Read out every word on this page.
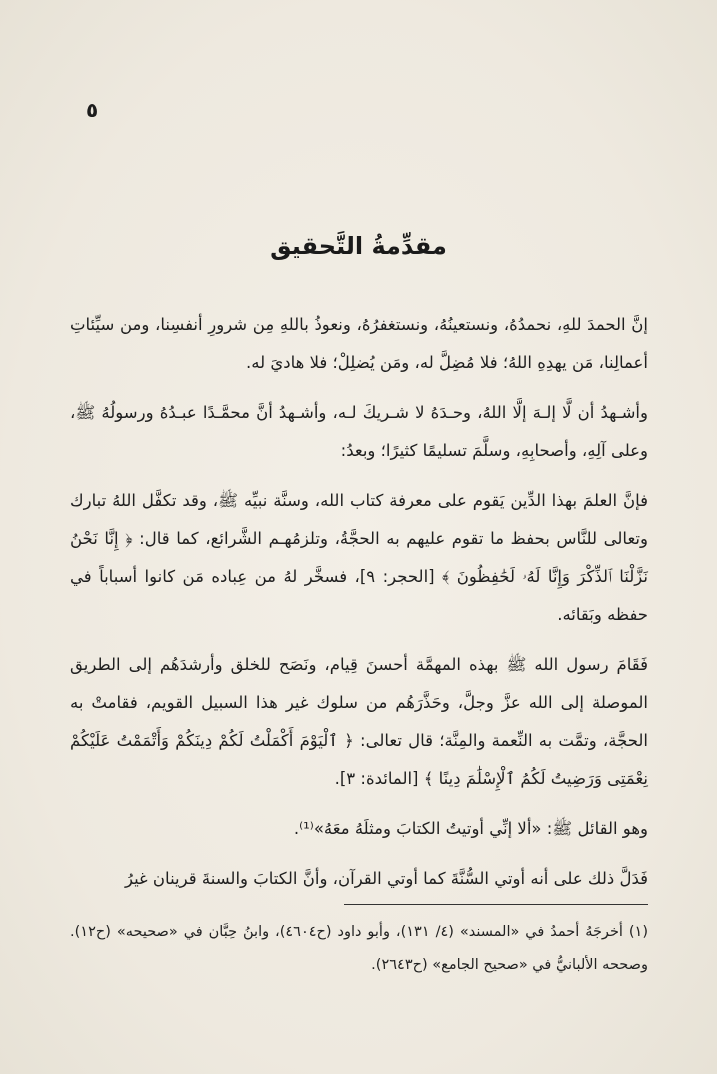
٥
مقدِّمةُ التَّحقيق

إنَّ الحمدَ للهِ، نحمدُهُ، ونستعينُهُ، ونستغفرُهُ، ونعوذُ باللهِ مِن شرورِ أنفسِنا، ومن سيِّئاتِ أعمالِنا، مَن يهدِهِ اللهُ؛ فلا مُضِلَّ له، ومَن يُضلِلْ؛ فلا هاديَ له.

وأشـهدُ أن لَّا إلـهَ إلَّا اللهُ، وحـدَهُ لا شـريكَ لـه، وأشـهدُ أنَّ محمَّـدًا عبـدُهُ ورسولُهُ ﷺ، وعلى آلِهِ، وأصحابِهِ، وسلَّمَ تسليمًا كثيرًا؛ وبعدُ:

فإنَّ العلمَ بهذا الدِّين يَقوم على معرفة كتاب الله، وسنَّة نبيِّه ﷺ، وقد تكفَّل اللهُ تبارك وتعالى للنَّاس بحفظ ما تقوم عليهم به الحجَّةُ، وتلزمُهـم الشَّرائع، كما قال: ﴿ إِنَّا نَحْنُ نَزَّلْنَا ٱلذِّكْرَ وَإِنَّا لَهُۥ لَحَٰفِظُونَ ﴾ [الحجر: ٩]، فسخَّر لهُ من عِباده مَن كانوا أسباباً في حفظه وبَقائه.

فَقَامَ رسول الله ﷺ بهذه المهمَّة أحسنَ قِيام، ونَصَح للخلق وأرشدَهُم إلى الطريق الموصلة إلى الله عزَّ وجلَّ، وحَذَّرَهُم من سلوك غير هذا السبيل القويم، فقامتْ به الحجَّة، وتمَّت به النِّعمة والمِنَّة؛ قال تعالى: ﴿ ٱلْيَوْمَ أَكْمَلْتُ لَكُمْ دِينَكُمْ وَأَتْمَمْتُ عَلَيْكُمْ نِعْمَتِى وَرَضِيتُ لَكُمُ ٱلْإِسْلَٰمَ دِينًا ﴾ [المائدة: ٣].

وهو القائل ﷺ: «ألا إنِّي أوتيتُ الكتابَ ومثلَهُ معَهُ»⁽¹⁾.

فَدَلَّ ذلك على أنه أوتي السُّنَّةَ كما أوتي القرآن، وأنَّ الكتابَ والسنةَ قرينان غيرُ

(١) أخرجَهُ أحمدُ في «المسند» (٤/ ١٣١)، وأبو داود (ح٤٦٠٤)، وابنُ حِبَّان في «صحيحه» (ح١٢). وصححه الألبانيُّ في «صحيح الجامع» (ح٢٦٤٣).
